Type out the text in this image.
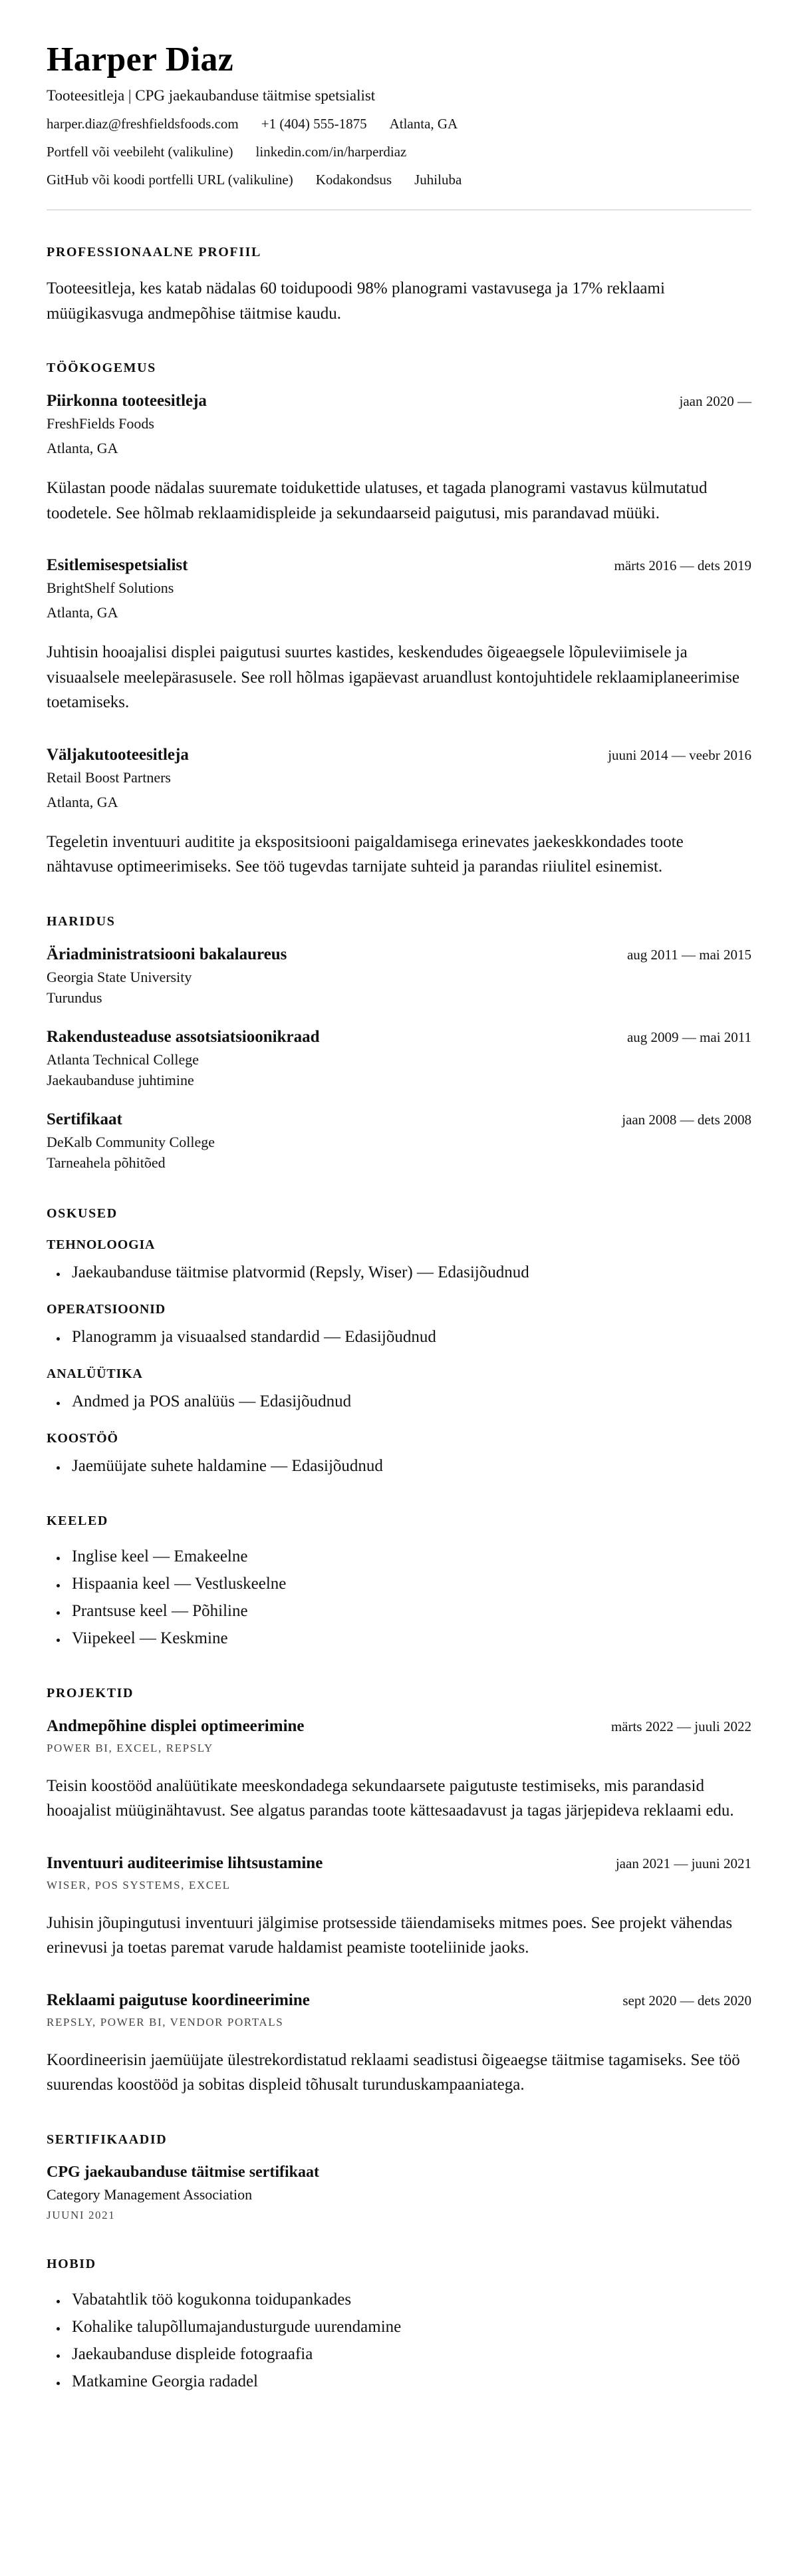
Harper Diaz

Tooteesitleja | CPG jaekaubanduse täitmise spetsialist

harper.diaz@freshfieldsfoods.com +1 (404) 555-1875 Atlanta, GA
Portfell või veebileht (valikuline) linkedin.com/in/harperdiaz
GitHub või koodi portfelli URL (valikuline) Kodakondsus Juhiluba
PROFESSIONAALNE PROFIIL

Tooteesitleja, kes katab nädalas 60 toidupoodi 98% planogrami vastavusega ja 17% reklaami müügikasvuga andmepõhise täitmise kaudu.

TÖÖKOGEMUS
Piirkonna tooteesitleja	jaan 2020 —

FreshFields Foods

Atlanta, GA

Külastan poode nädalas suuremate toidukettide ulatuses, et tagada planogrami vastavus külmutatud toodetele. See hõlmab reklaamidispleide ja sekundaarseid paigutusi, mis parandavad müüki.

Esitlemisespetsialist	märts 2016 — dets 2019

BrightShelf Solutions

Atlanta, GA

Juhtisin hooajalisi displei paigutusi suurtes kastides, keskendudes õigeaegsele lõpuleviimisele ja visuaalsele meelepärasusele. See roll hõlmas igapäevast aruandlust kontojuhtidele reklaamiplaneerimise toetamiseks.

Väljakutooteesitleja	juuni 2014 — veebr 2016

Retail Boost Partners

Atlanta, GA

Tegeletin inventuuri auditite ja ekspositsiooni paigaldamisega erinevates jaekeskkondades toote nähtavuse optimeerimiseks. See töö tugevdas tarnijate suhteid ja parandas riiulitel esinemist.

HARIDUS
Äriadministratsiooni bakalaureus	aug 2011 — mai 2015

Georgia State University

Turundus

Rakendusteaduse assotsiatsioonikraad	aug 2009 — mai 2011

Atlanta Technical College

Jaekaubanduse juhtimine

Sertifikaat	jaan 2008 — dets 2008

DeKalb Community College

Tarneahela põhitõed

OSKUSED
TEHNOLOOGIA
• Jaekaubanduse täitmise platvormid (Repsly, Wiser) — Edasijõudnud
OPERATSIOONID
• Planogramm ja visuaalsed standardid — Edasijõudnud
ANALÜÜTIKA
• Andmed ja POS analüüs — Edasijõudnud
KOOSTÖÖ
• Jaemüüjate suhete haldamine — Edasijõudnud
KEELED
• Inglise keel — Emakeelne
• Hispaania keel — Vestluskeelne
• Prantsuse keel — Põhiline
• Viipekeel — Keskmine
PROJEKTID
Andmepõhine displei optimeerimine	märts 2022 — juuli 2022

POWER BI, EXCEL, REPSLY

Teisin koostööd analüütikate meeskondadega sekundaarsete paigutuste testimiseks, mis parandasid hooajalist müüginähtavust. See algatus parandas toote kättesaadavust ja tagas järjepideva reklaami edu.

Inventuuri auditeerimise lihtsustamine	jaan 2021 — juuni 2021

WISER, POS SYSTEMS, EXCEL

Juhisin jõupingutusi inventuuri jälgimise protsesside täiendamiseks mitmes poes. See projekt vähendas erinevusi ja toetas paremat varude haldamist peamiste tooteliinide jaoks.

Reklaami paigutuse koordineerimine	sept 2020 — dets 2020

REPSLY, POWER BI, VENDOR PORTALS

Koordineerisin jaemüüjate ülestrekordistatud reklaami seadistusi õigeaegse täitmise tagamiseks. See töö suurendas koostööd ja sobitas displeid tõhusalt turunduskampaaniatega.

SERTIFIKAADID
CPG jaekaubanduse täitmise sertifikaat

Category Management Association

JUUNI 2021

HOBID
• Vabatahtlik töö kogukonna toidupankades
• Kohalike talupõllumajandusturgude uurendamine
• Jaekaubanduse displeide fotograafia
• Matkamine Georgia radadel
